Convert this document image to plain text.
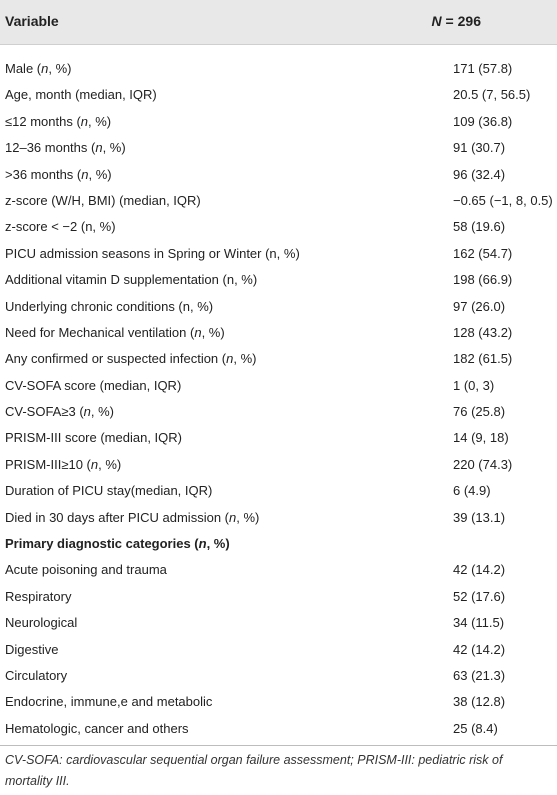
Variable	N = 296
Male (n, %)	171 (57.8)
Age, month (median, IQR)	20.5 (7, 56.5)
≤12 months (n, %)	109 (36.8)
12–36 months (n, %)	91 (30.7)
>36 months (n, %)	96 (32.4)
z-score (W/H, BMI) (median, IQR)	−0.65 (−1, 8, 0.5)
z-score < −2 (n, %)	58 (19.6)
PICU admission seasons in Spring or Winter (n, %)	162 (54.7)
Additional vitamin D supplementation (n, %)	198 (66.9)
Underlying chronic conditions (n, %)	97 (26.0)
Need for Mechanical ventilation (n, %)	128 (43.2)
Any confirmed or suspected infection (n, %)	182 (61.5)
CV-SOFA score (median, IQR)	1 (0, 3)
CV-SOFA≥3 (n, %)	76 (25.8)
PRISM-III score (median, IQR)	14 (9, 18)
PRISM-III≥10 (n, %)	220 (74.3)
Duration of PICU stay(median, IQR)	6 (4.9)
Died in 30 days after PICU admission (n, %)	39 (13.1)
Primary diagnostic categories (n, %)
Acute poisoning and trauma	42 (14.2)
Respiratory	52 (17.6)
Neurological	34 (11.5)
Digestive	42 (14.2)
Circulatory	63 (21.3)
Endocrine, immune,e and metabolic	38 (12.8)
Hematologic, cancer and others	25 (8.4)
CV-SOFA: cardiovascular sequential organ failure assessment; PRISM-III: pediatric risk of mortality III.
